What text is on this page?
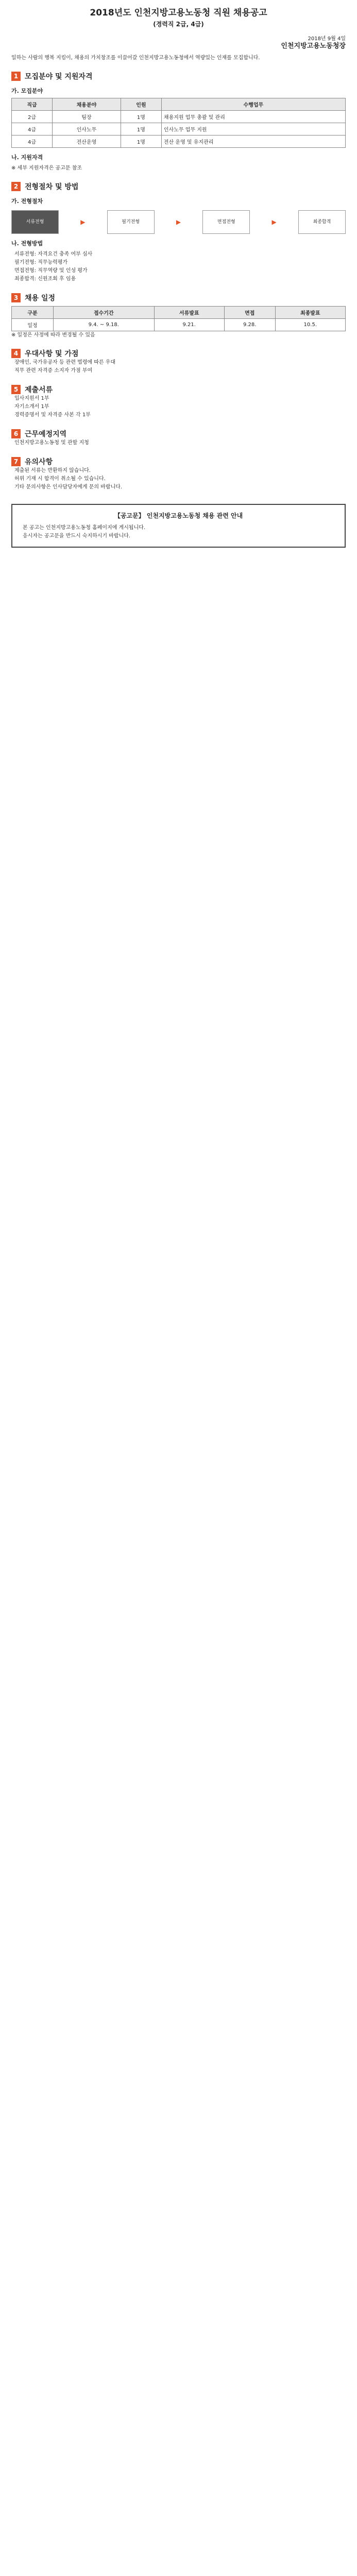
2018년도 인천지방고용노동청 직원 채용공고
(경력직 2급, 4급)
2018년 9월 4일
인천지방고용노동청장
일하는 사람의 행복 지킴이, 채용의 가치창조를 이끌어갈 인천지방고용노동청에서 역량있는 인재를 모집합니다.
1 모집분야 및 지원자격
가. 모집분야
직급	채용분야	인원	수행업무
2급	팀장	1명	채용지원 업무 총괄 및 관리
4급	인사노무	1명	인사노무 업무 지원
4급	전산운영	1명	전산 운영 및 유지관리
나. 지원자격
※ 세부 지원자격은 공고문 참조
2 전형절차 및 방법
가. 전형절차
서류전형	▶	필기전형	▶	면접전형	▶	최종합격
나. 전형방법
서류전형: 자격요건 충족 여부 심사
필기전형: 직무능력평가
면접전형: 직무역량 및 인성 평가
최종합격: 신원조회 후 임용
3 채용 일정
구분	접수기간	서류발표	면접	최종발표
일정	9.4. ~ 9.18.	9.21.	9.28.	10.5.
※ 일정은 사정에 따라 변경될 수 있음
4 우대사항 및 가점
장애인, 국가유공자 등 관련 법령에 따른 우대
직무 관련 자격증 소지자 가점 부여
5 제출서류
입사지원서 1부
자기소개서 1부
경력증명서 및 자격증 사본 각 1부
6 근무예정지역
인천지방고용노동청 및 관할 지청
7 유의사항
제출된 서류는 반환하지 않습니다.
허위 기재 시 합격이 취소될 수 있습니다.
기타 문의사항은 인사담당자에게 문의 바랍니다.
【공고문】 인천지방고용노동청 채용 관련 안내
본 공고는 인천지방고용노동청 홈페이지에 게시됩니다.
응시자는 공고문을 반드시 숙지하시기 바랍니다.
